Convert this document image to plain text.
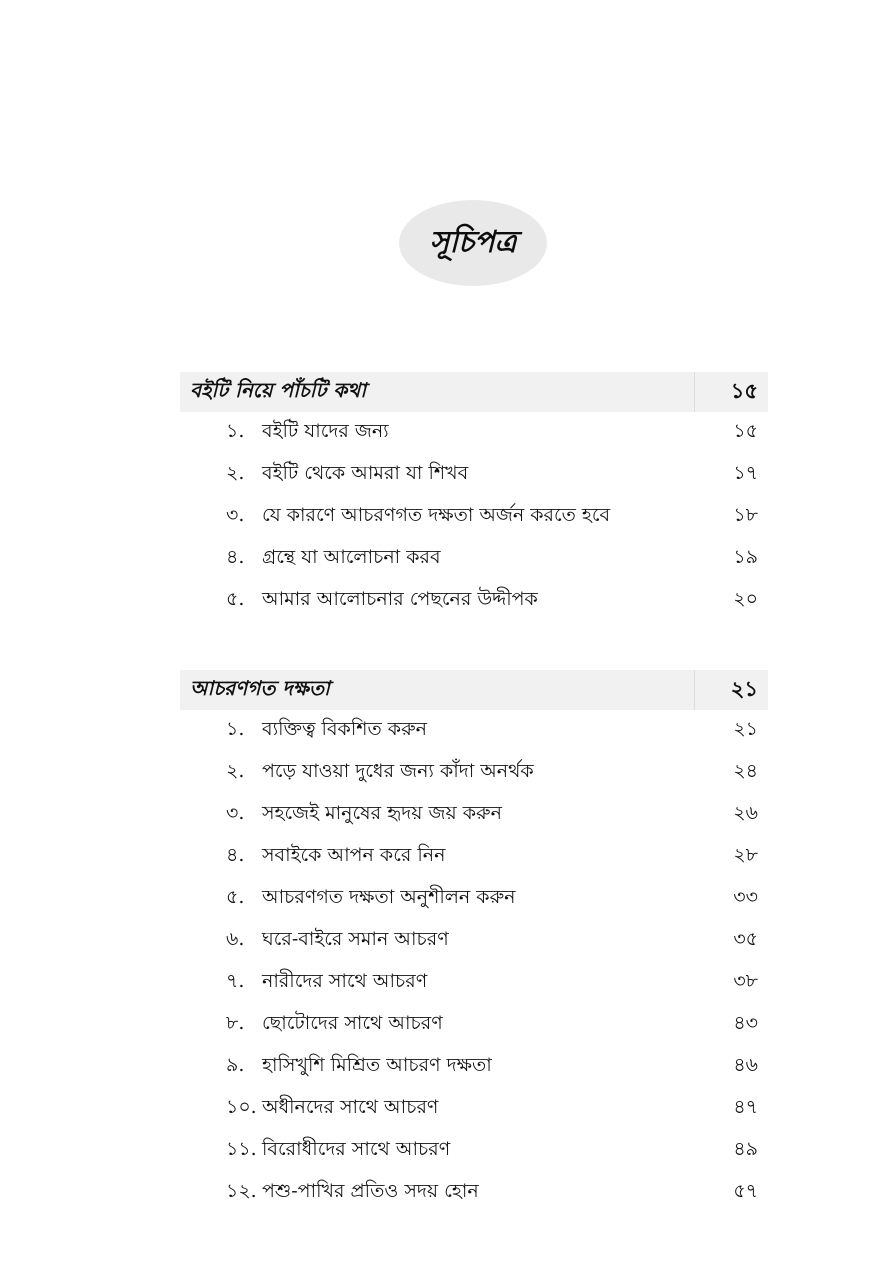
সূচিপত্র
বইটি নিয়ে পাঁচটি কথা	১৫
১. বইটি যাদের জন্য	১৫
২. বইটি থেকে আমরা যা শিখব	১৭
৩. যে কারণে আচরণগত দক্ষতা অর্জন করতে হবে	১৮
৪. গ্রন্থে যা আলোচনা করব	১৯
৫. আমার আলোচনার পেছনের উদ্দীপক	২০
আচরণগত দক্ষতা	২১
১. ব্যক্তিত্ব বিকশিত করুন	২১
২. পড়ে যাওয়া দুধের জন্য কাঁদা অনর্থক	২৪
৩. সহজেই মানুষের হৃদয় জয় করুন	২৬
৪. সবাইকে আপন করে নিন	২৮
৫. আচরণগত দক্ষতা অনুশীলন করুন	৩৩
৬. ঘরে-বাইরে সমান আচরণ	৩৫
৭. নারীদের সাথে আচরণ	৩৮
৮. ছোটোদের সাথে আচরণ	৪৩
৯. হাসিখুশি মিশ্রিত আচরণ দক্ষতা	৪৬
১০. অধীনদের সাথে আচরণ	৪৭
১১. বিরোধীদের সাথে আচরণ	৪৯
১২. পশু-পাখির প্রতিও সদয় হোন	৫৭
